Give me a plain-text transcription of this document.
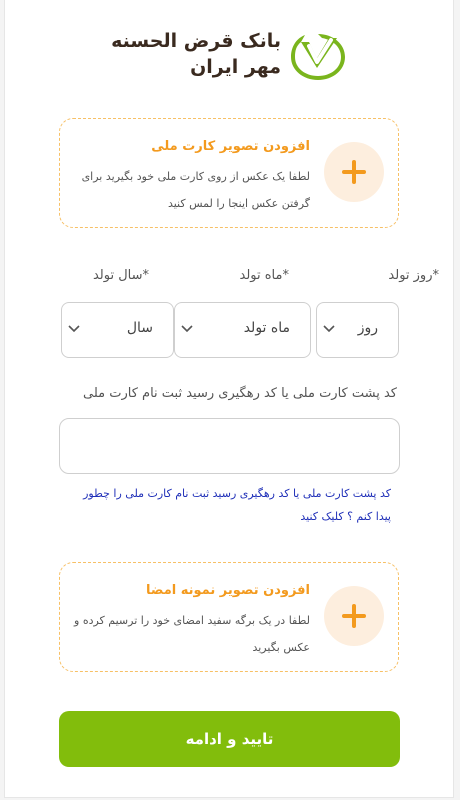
بانک قرض الحسنه
مهر ایران
افزودن تصویر کارت ملی
لطفا یک عکس از روی کارت ملی خود بگیرید برای گرفتن عکس اینجا را لمس کنید
روز تولد*
ماه تولد*
سال تولد*
روز
ماه تولد
سال
کد پشت کارت ملی یا کد رهگیری رسید ثبت نام کارت ملی
کد پشت کارت ملی یا کد رهگیری رسید ثبت نام کارت ملی را چطور پیدا کنم ؟ کلیک کنید
افزودن تصویر نمونه امضا
لطفا در یک برگه سفید امضای خود را ترسیم کرده و عکس بگیرید
تایید و ادامه
